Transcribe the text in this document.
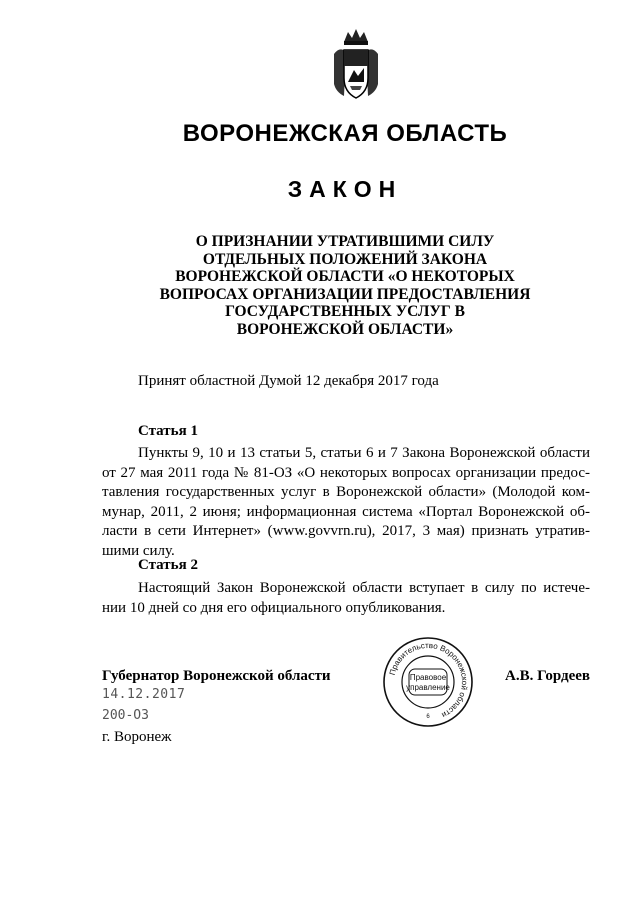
ВОРОНЕЖСКАЯ ОБЛАСТЬ
ЗАКОН
О ПРИЗНАНИИ УТРАТИВШИМИ СИЛУ
ОТДЕЛЬНЫХ ПОЛОЖЕНИЙ ЗАКОНА
ВОРОНЕЖСКОЙ ОБЛАСТИ «О НЕКОТОРЫХ
ВОПРОСАХ ОРГАНИЗАЦИИ ПРЕДОСТАВЛЕНИЯ
ГОСУДАРСТВЕННЫХ УСЛУГ В
ВОРОНЕЖСКОЙ ОБЛАСТИ»
Принят областной Думой 12 декабря 2017 года
Статья 1
Пункты 9, 10 и 13 статьи 5, статьи 6 и 7 Закона Воронежской области
от 27 мая 2011 года № 81-ОЗ «О некоторых вопросах организации предос-
тавления государственных услуг в Воронежской области» (Молодой ком-
мунар, 2011, 2 июня; информационная система «Портал Воронежской об-
ласти в сети Интернет» (www.govvrn.ru), 2017, 3 мая) признать утратив-
шими силу.
Статья 2
Настоящий Закон Воронежской области вступает в силу по истече-
нии 10 дней со дня его официального опубликования.
Губернатор Воронежской области	А.В. Гордеев
14.12.2017
200-ОЗ
г. Воронеж
Правительство Воронежской области
Правовое
управление
6
